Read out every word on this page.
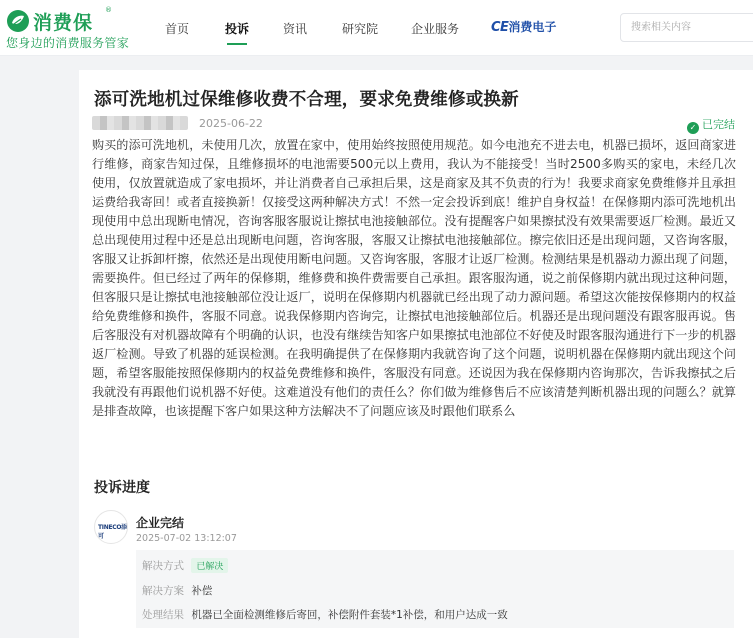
消费保
®
您身边的消费服务管家
首页	投诉	资讯	研究院	企业服务 CE消费电子
搜索相关内容
添可洗地机过保维修收费不合理，要求免费维修或换新
2025-06-22	✓ 已完结

购买的添可洗地机，未使用几次，放置在家中，使用始终按照使用规范。如今电池充不进去电，机器已损坏，返回商家进行维修，商家告知过保，且维修损坏的电池需要500元以上费用，我认为不能接受！当时2500多购买的家电，未经几次使用，仅放置就造成了家电损坏，并让消费者自己承担后果，这是商家及其不负责的行为！我要求商家免费维修并且承担运费给我寄回！或者直接换新！仅接受这两种解决方式！不然一定会投诉到底！维护自身权益！在保修期内添可洗地机出现使用中总出现断电情况，咨询客服客服说让擦拭电池接触部位。没有提醒客户如果擦拭没有效果需要返厂检测。最近又总出现使用过程中还是总出现断电问题，咨询客服，客服又让擦拭电池接触部位。擦完依旧还是出现问题，又咨询客服，客服又让拆卸杆擦，依然还是出现使用断电问题。又咨询客服，客服才让返厂检测。检测结果是机器动力源出现了问题，需要换件。但已经过了两年的保修期，维修费和换件费需要自己承担。跟客服沟通，说之前保修期内就出现过这种问题，但客服只是让擦拭电池接触部位没让返厂，说明在保修期内机器就已经出现了动力源问题。希望这次能按保修期内的权益给免费维修和换件，客服不同意。说我保修期内咨询完，让擦拭电池接触部位后。机器还是出现问题没有跟客服再说。售后客服没有对机器故障有个明确的认识，也没有继续告知客户如果擦拭电池部位不好使及时跟客服沟通进行下一步的机器返厂检测。导致了机器的延误检测。在我明确提供了在保修期内我就咨询了这个问题，说明机器在保修期内就出现这个问题，希望客服能按照保修期内的权益免费维修和换件，客服没有同意。还说因为我在保修期内咨询那次，告诉我擦拭之后我就没有再跟他们说机器不好使。这难道没有他们的责任么？你们做为维修售后不应该清楚判断机器出现的问题么？就算是排查故障，也该提醒下客户如果这种方法解决不了问题应该及时跟他们联系么

投诉进度
TINECO添可
企业完结
2025-07-02 13:12:07
解决方式 已解决
解决方案 补偿
处理结果 机器已全面检测维修后寄回，补偿附件套装*1补偿，和用户达成一致
